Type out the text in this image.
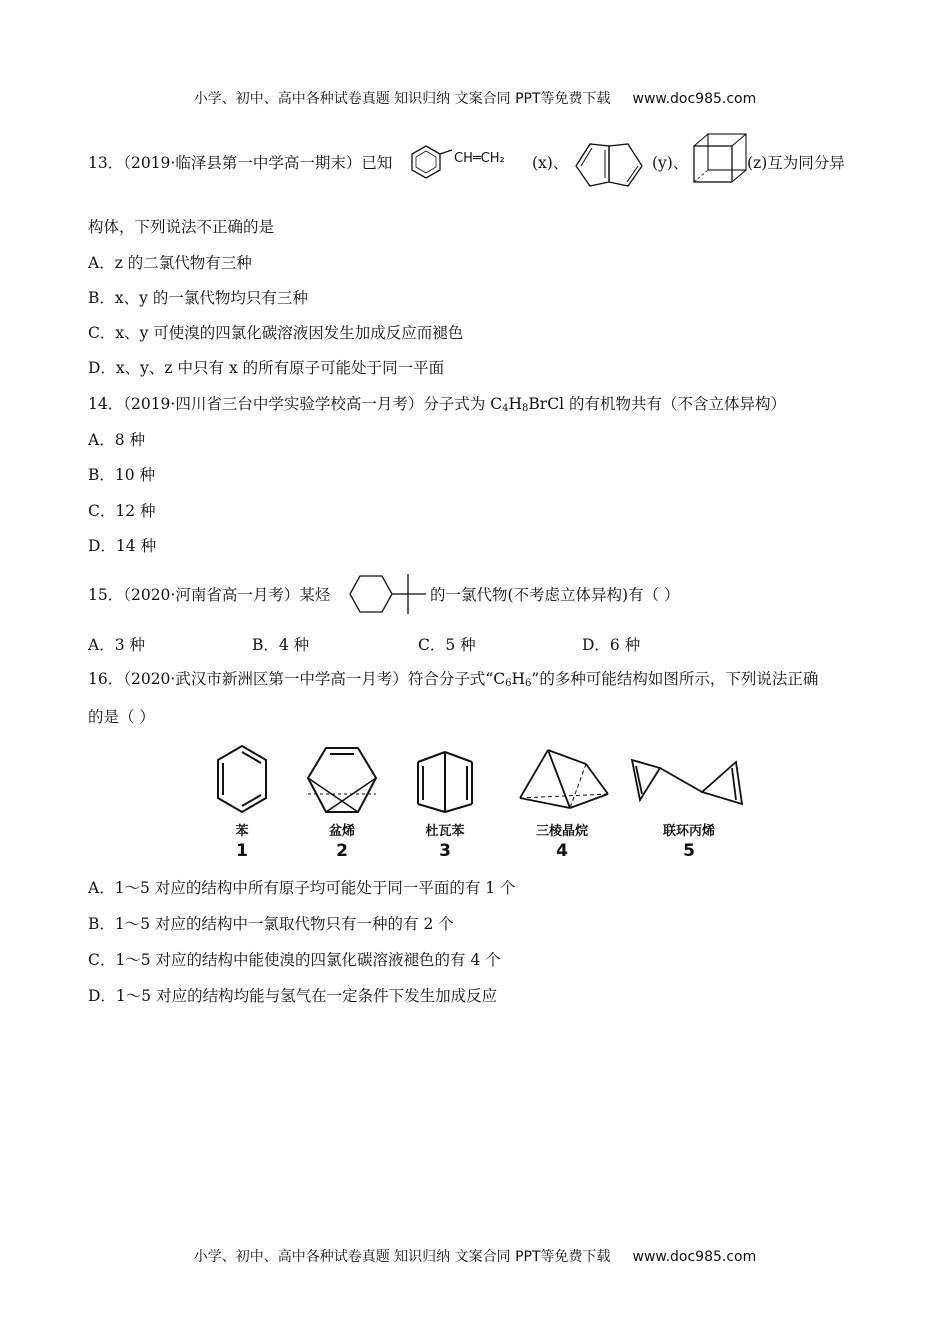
小学、初中、高中各种试卷真题 知识归纳 文案合同 PPT等免费下载 www.doc985.com
13．（2019·临泽县第一中学高一期末）已知	CH═CH₂ (x)、	(y)、	(z)互为同分异
构体，下列说法不正确的是
A．z 的二氯代物有三种
B．x、y 的一氯代物均只有三种
C．x、y 可使溴的四氯化碳溶液因发生加成反应而褪色
D．x、y、z 中只有 x 的所有原子可能处于同一平面
14．（2019·四川省三台中学实验学校高一月考）分子式为 $C_4H_8BrCl$ 的有机物共有（不含立体异构）
A．8 种
B．10 种
C．12 种
D．14 种
15．（2020·河南省高一月考）某烃	的一氯代物(不考虑立体异构)有（ ）
A．3 种	B．4 种	C．5 种	D．6 种
16．（2020·武汉市新洲区第一中学高一月考）符合分子式“$C_6H_6$”的多种可能结构如图所示，下列说法正确
的是（ ）
苯
1
盆烯
2
杜瓦苯
3
三棱晶烷
4
联环丙烯
5
A．1～5 对应的结构中所有原子均可能处于同一平面的有 1 个
B．1～5 对应的结构中一氯取代物只有一种的有 2 个
C．1～5 对应的结构中能使溴的四氯化碳溶液褪色的有 4 个
D．1～5 对应的结构均能与氢气在一定条件下发生加成反应
小学、初中、高中各种试卷真题 知识归纳 文案合同 PPT等免费下载 www.doc985.com
